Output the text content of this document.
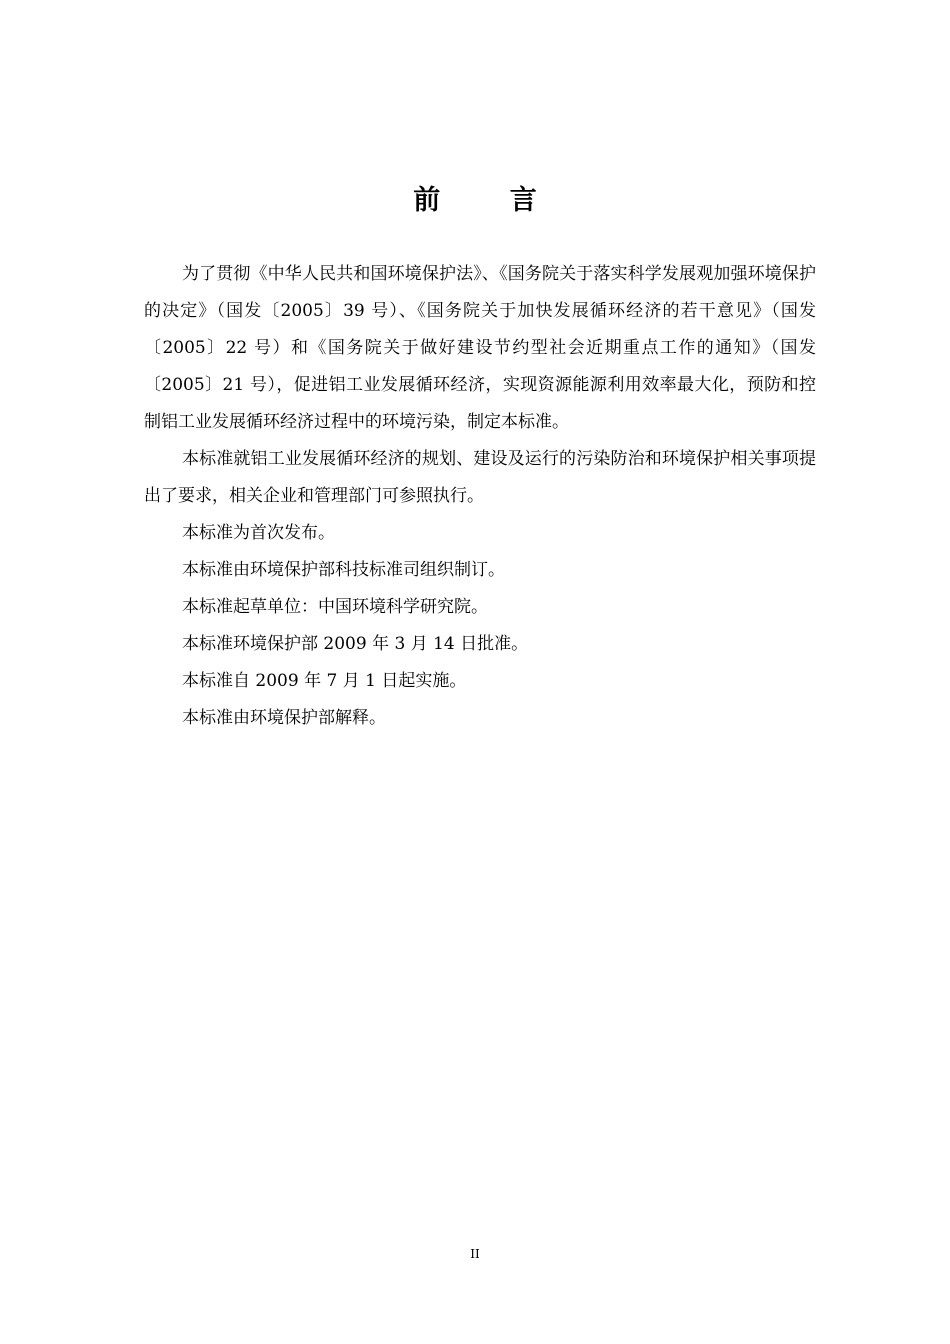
前 言

为了贯彻《中华人民共和国环境保护法》、《国务院关于落实科学发展观加强环境保护的决定》（国发〔2005〕39 号）、《国务院关于加快发展循环经济的若干意见》（国发〔2005〕22 号）和《国务院关于做好建设节约型社会近期重点工作的通知》（国发〔2005〕21 号），促进铝工业发展循环经济，实现资源能源利用效率最大化，预防和控制铝工业发展循环经济过程中的环境污染，制定本标准。

本标准就铝工业发展循环经济的规划、建设及运行的污染防治和环境保护相关事项提出了要求，相关企业和管理部门可参照执行。

本标准为首次发布。

本标准由环境保护部科技标准司组织制订。

本标准起草单位：中国环境科学研究院。

本标准环境保护部 2009 年 3 月 14 日批准。

本标准自 2009 年 7 月 1 日起实施。

本标准由环境保护部解释。

II
